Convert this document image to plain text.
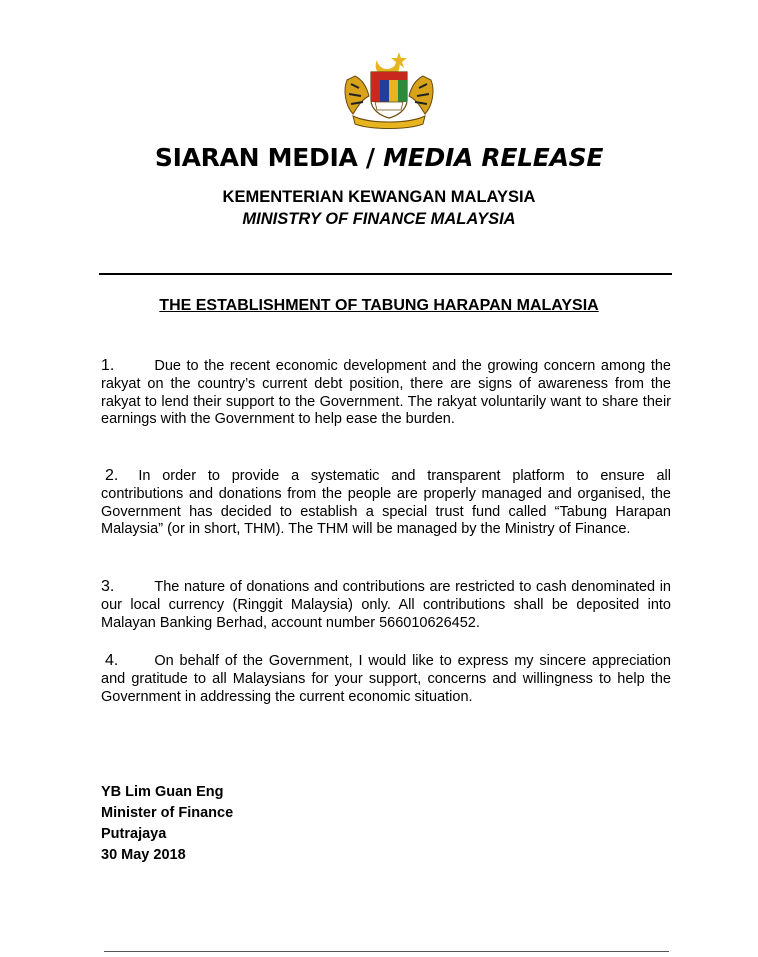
SIARAN MEDIA / MEDIA RELEASE
KEMENTERIAN KEWANGAN MALAYSIA
MINISTRY OF FINANCE MALAYSIA
THE ESTABLISHMENT OF TABUNG HARAPAN MALAYSIA
1.	Due to the recent economic development and the growing concern among the rakyat on the country’s current debt position, there are signs of awareness from the rakyat to lend their support to the Government. The rakyat voluntarily want to share their earnings with the Government to help ease the burden.
2. In order to provide a systematic and transparent platform to ensure all contributions and donations from the people are properly managed and organised, the Government has decided to establish a special trust fund called “Tabung Harapan Malaysia” (or in short, THM). The THM will be managed by the Ministry of Finance.
3.	The nature of donations and contributions are restricted to cash denominated in our local currency (Ringgit Malaysia) only. All contributions shall be deposited into Malayan Banking Berhad, account number 566010626452.
4. On behalf of the Government, I would like to express my sincere appreciation and gratitude to all Malaysians for your support, concerns and willingness to help the Government in addressing the current economic situation.
YB Lim Guan Eng
Minister of Finance
Putrajaya
30 May 2018
